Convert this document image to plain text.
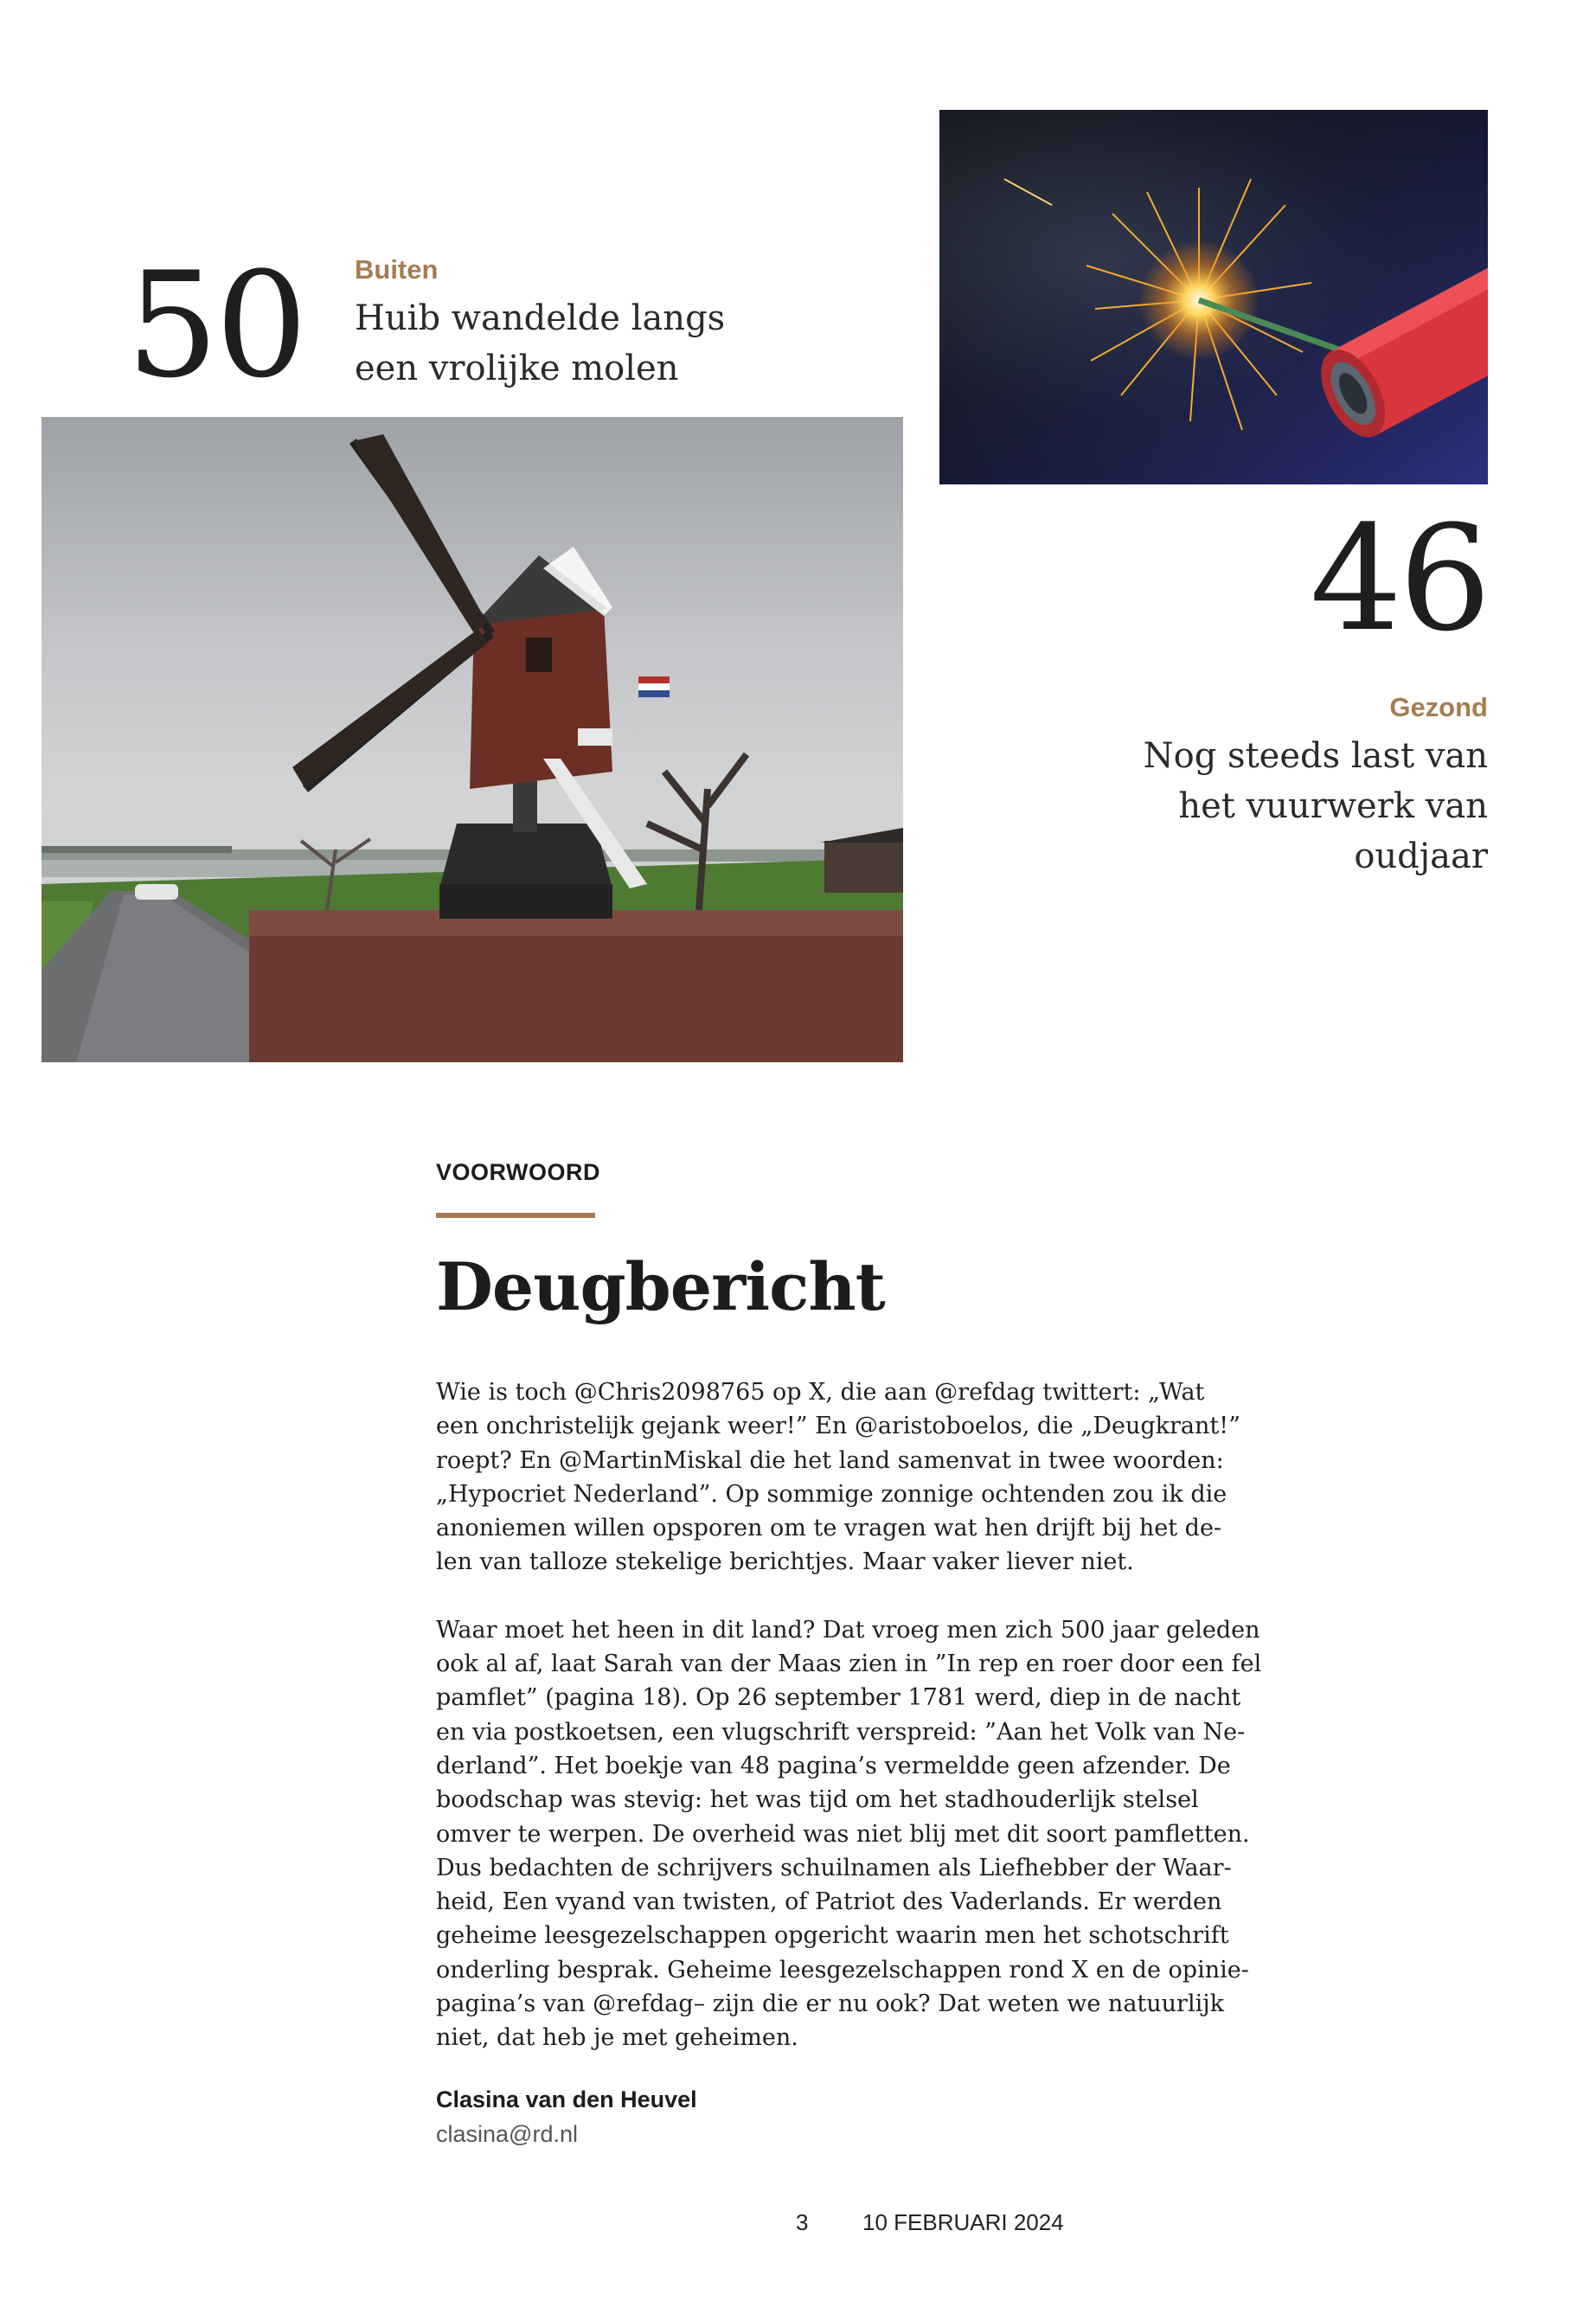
50 Buiten
Huib wandelde langs
een vrolijke molen
46
Gezond
Nog steeds last van
het vuurwerk van
oudjaar
VOORWOORD
Deugbericht
Wie is toch @Chris2098765 op X, die aan @refdag twittert: „Wat
een onchristelijk gejank weer!” En @aristoboelos, die „Deugkrant!”
roept? En @MartinMiskal die het land samenvat in twee woorden:
„Hypocriet Nederland”. Op sommige zonnige ochtenden zou ik die
anoniemen willen opsporen om te vragen wat hen drijft bij het de-
len van talloze stekelige berichtjes. Maar vaker liever niet.
Waar moet het heen in dit land? Dat vroeg men zich 500 jaar geleden
ook al af, laat Sarah van der Maas zien in ”In rep en roer door een fel
pamflet” (pagina 18). Op 26 september 1781 werd, diep in de nacht
en via postkoetsen, een vlugschrift verspreid: ”Aan het Volk van Ne-
derland”. Het boekje van 48 pagina’s vermeldde geen afzender. De
boodschap was stevig: het was tijd om het stadhouderlijk stelsel
omver te werpen. De overheid was niet blij met dit soort pamfletten.
Dus bedachten de schrijvers schuilnamen als Liefhebber der Waar-
heid, Een vyand van twisten, of Patriot des Vaderlands. Er werden
geheime leesgezelschappen opgericht waarin men het schotschrift
onderling besprak. Geheime leesgezelschappen rond X en de opinie-
pagina’s van @refdag– zijn die er nu ook? Dat weten we natuurlijk
niet, dat heb je met geheimen.
Clasina van den Heuvel
clasina@rd.nl
3 10 FEBRUARI 2024
